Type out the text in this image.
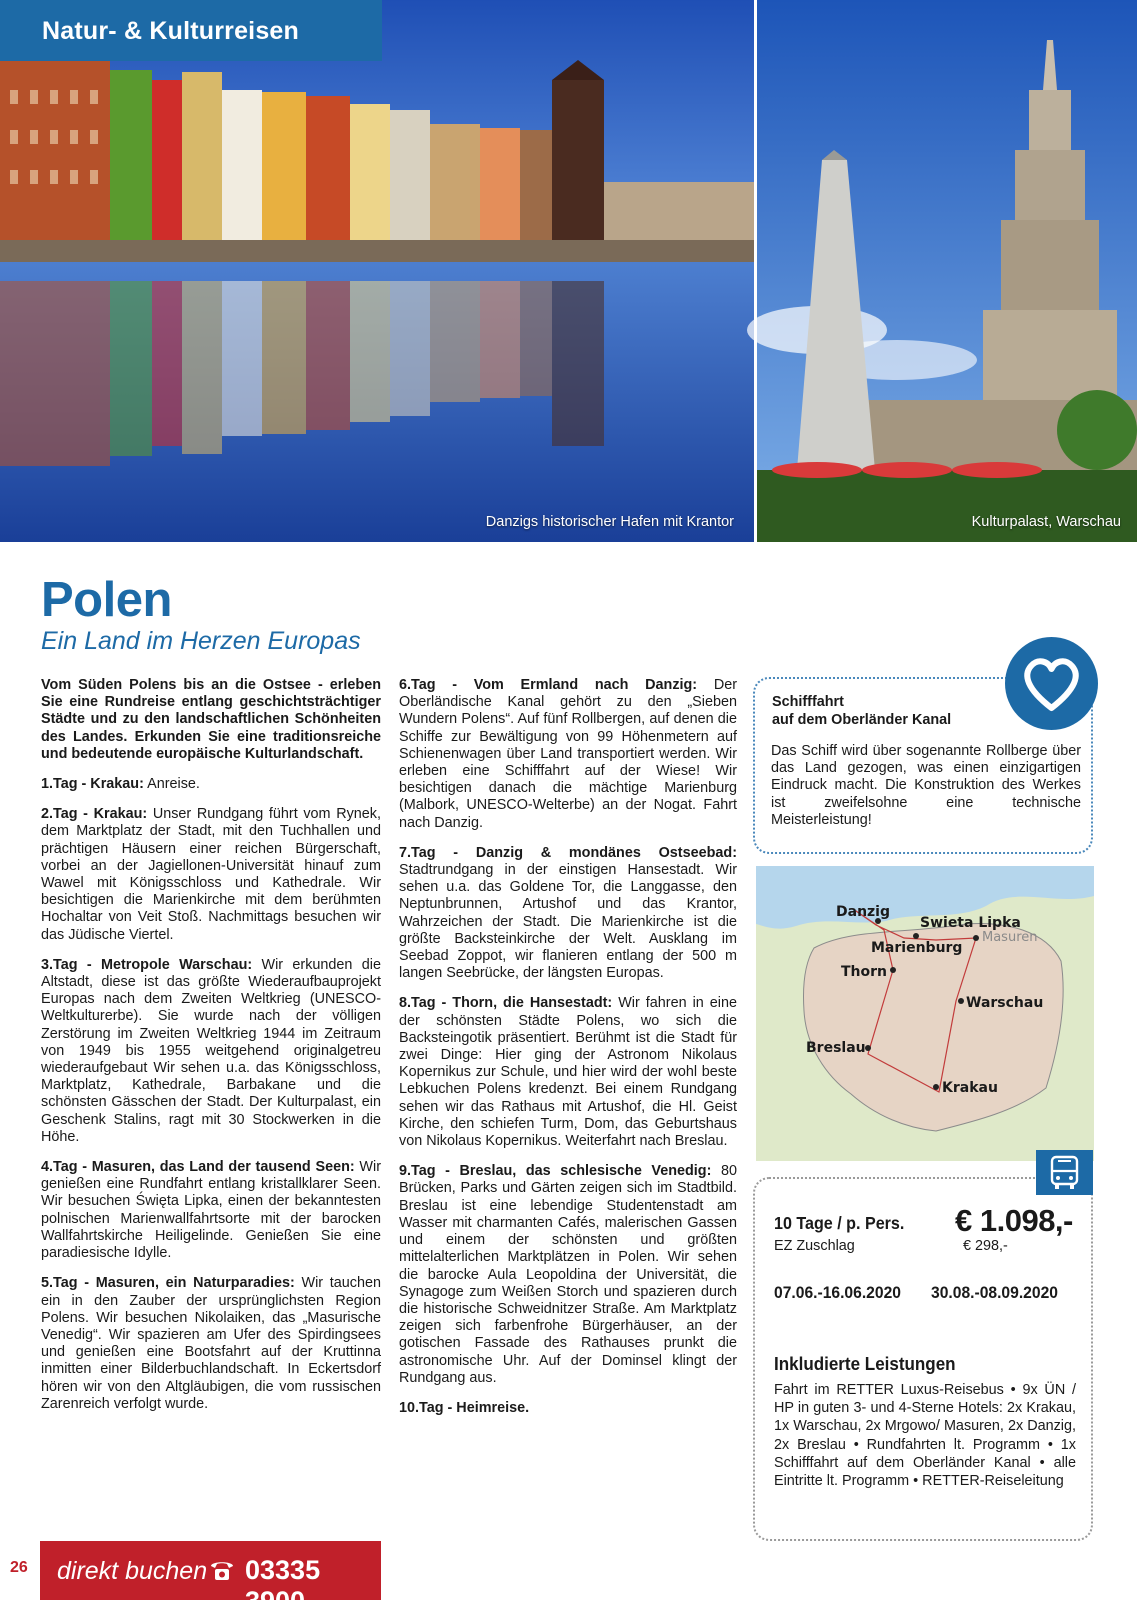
Danzigs historischer Hafen mit Krantor	Kulturpalast, Warschau
Natur- & Kulturreisen
Polen
Ein Land im Herzen Europas

Vom Süden Polens bis an die Ostsee - erleben Sie eine Rundreise entlang geschichtsträchtiger Städte und zu den landschaftlichen Schönheiten des Landes. Erkunden Sie eine traditionsreiche und bedeutende europäische Kulturlandschaft.

1.Tag - Krakau: Anreise.

2.Tag - Krakau: Unser Rundgang führt vom Rynek, dem Marktplatz der Stadt, mit den Tuchhallen und prächtigen Häusern einer reichen Bürgerschaft, vorbei an der Jagiellonen-Universität hinauf zum Wawel mit Königsschloss und Kathedrale. Wir besichtigen die Marienkirche mit dem berühmten Hochaltar von Veit Stoß. Nachmittags besuchen wir das Jüdische Viertel.

3.Tag - Metropole Warschau: Wir erkunden die Altstadt, diese ist das größte Wiederaufbauprojekt Europas nach dem Zweiten Weltkrieg (UNESCO-Weltkulturerbe). Sie wurde nach der völligen Zerstörung im Zweiten Weltkrieg 1944 im Zeitraum von 1949 bis 1955 weitgehend originalgetreu wiederaufgebaut Wir sehen u.a. das Königsschloss, Marktplatz, Kathedrale, Barbakane und die schönsten Gässchen der Stadt. Der Kulturpalast, ein Geschenk Stalins, ragt mit 30 Stockwerken in die Höhe.

4.Tag - Masuren, das Land der tausend Seen: Wir genießen eine Rundfahrt entlang kristallklarer Seen. Wir besuchen Święta Lipka, einen der bekanntesten polnischen Marienwallfahrtsorte mit der barocken Wallfahrtskirche Heiligelinde. Genießen Sie eine paradiesische Idylle.

5.Tag - Masuren, ein Naturparadies: Wir tauchen ein in den Zauber der ursprünglichsten Region Polens. Wir besuchen Nikolaiken, das „Masurische Venedig“. Wir spazieren am Ufer des Spirdingsees und genießen eine Bootsfahrt auf der Kruttinna inmitten einer Bilderbuchlandschaft. In Eckertsdorf hören wir von den Altgläubigen, die vom russischen Zarenreich verfolgt wurde.

6.Tag - Vom Ermland nach Danzig: Der Oberländische Kanal gehört zu den „Sieben Wundern Polens“. Auf fünf Rollbergen, auf denen die Schiffe zur Bewältigung von 99 Höhenmetern auf Schienenwagen über Land transportiert werden. Wir erleben eine Schifffahrt auf der Wiese! Wir besichtigen danach die mächtige Marienburg (Malbork, UNESCO-Welterbe) an der Nogat. Fahrt nach Danzig.

7.Tag - Danzig & mondänes Ostseebad: Stadtrundgang in der einstigen Hansestadt. Wir sehen u.a. das Goldene Tor, die Langgasse, den Neptunbrunnen, Artushof und das Krantor, Wahrzeichen der Stadt. Die Marienkirche ist die größte Backsteinkirche der Welt. Ausklang im Seebad Zoppot, wir flanieren entlang der 500 m langen Seebrücke, der längsten Europas.

8.Tag - Thorn, die Hansestadt: Wir fahren in eine der schönsten Städte Polens, wo sich die Backsteingotik präsentiert. Berühmt ist die Stadt für zwei Dinge: Hier ging der Astronom Nikolaus Kopernikus zur Schule, und hier wird der wohl beste Lebkuchen Polens kredenzt. Bei einem Rundgang sehen wir das Rathaus mit Artushof, die Hl. Geist Kirche, den schiefen Turm, Dom, das Geburtshaus von Nikolaus Kopernikus. Weiterfahrt nach Breslau.

9.Tag - Breslau, das schlesische Venedig: 80 Brücken, Parks und Gärten zeigen sich im Stadtbild. Breslau ist eine lebendige Studentenstadt am Wasser mit charmanten Cafés, malerischen Gassen und einem der schönsten und größten mittelalterlichen Marktplätzen in Polen. Wir sehen die barocke Aula Leopoldina der Universität, die Synagoge zum Weißen Storch und spazieren durch die historische Schweidnitzer Straße. Am Marktplatz zeigen sich farbenfrohe Bürgerhäuser, an der gotischen Fassade des Rathauses prunkt die astronomische Uhr. Auf der Dominsel klingt der Rundgang aus.

10.Tag - Heimreise.

Schifffahrt
auf dem Oberländer Kanal
Das Schiff wird über sogenannte Rollberge über das Land gezogen, was einen einzigartigen Eindruck macht. Die Konstruktion des Werkes ist zweifelsohne eine technische Meisterleistung!
Danzig
Swieta Lipka
Marienburg
Thorn
Warschau
Breslau
Krakau
Masuren
10 Tage / p. Pers.
EZ Zuschlag
€ 1.098,-
€ 298,-
07.06.-16.06.2020 30.08.-08.09.2020
Inkludierte Leistungen
Fahrt im RETTER Luxus-Reisebus • 9x ÜN / HP in guten 3- und 4-Sterne Hotels: 2x Krakau, 1x Warschau, 2x Mrgowo/ Masuren, 2x Danzig, 2x Breslau • Rundfahrten lt. Programm • 1x Schifffahrt auf dem Oberländer Kanal • alle Eintritte lt. Programm • RETTER-Reiseleitung
26 direkt buchen 03335 3900
